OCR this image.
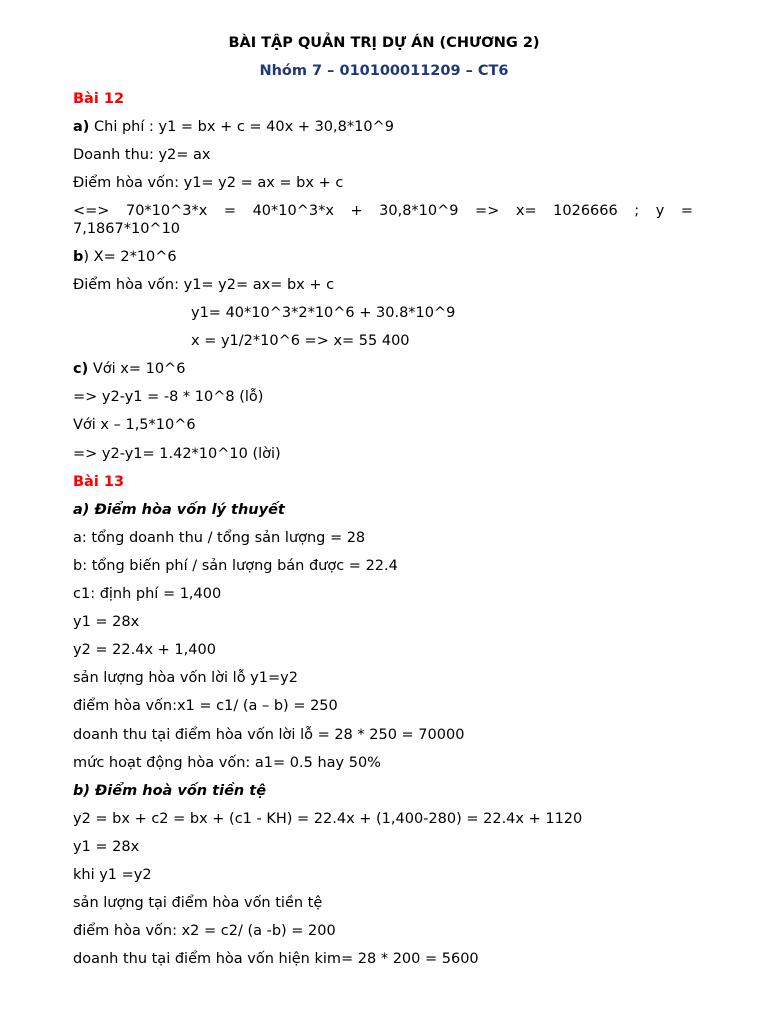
BÀI TẬP QUẢN TRỊ DỰ ÁN (CHƯƠNG 2)
Nhóm 7 – 010100011209 – CT6
Bài 12
a) Chi phí : y1 = bx + c = 40x + 30,8*10^9
Doanh thu: y2= ax
Điểm hòa vốn: y1= y2 = ax = bx + c
<=> 70*10^3*x = 40*10^3*x + 30,8*10^9 => x= 1026666 ; y =
7,1867*10^10
b) X= 2*10^6
Điểm hòa vốn: y1= y2= ax= bx + c
y1= 40*10^3*2*10^6 + 30.8*10^9
x = y1/2*10^6 => x= 55 400
c) Với x= 10^6
=> y2-y1 = -8 * 10^8 (lỗ)
Với x – 1,5*10^6
=> y2-y1= 1.42*10^10 (lời)
Bài 13
a) Điểm hòa vốn lý thuyết
a: tổng doanh thu / tổng sản lượng = 28
b: tổng biến phí / sản lượng bán được = 22.4
c1: định phí = 1,400
y1 = 28x
y2 = 22.4x + 1,400
sản lượng hòa vốn lời lỗ y1=y2
điểm hòa vốn:x1 = c1/ (a – b) = 250
doanh thu tại điểm hòa vốn lời lỗ = 28 * 250 = 70000
mức hoạt động hòa vốn: a1= 0.5 hay 50%
b) Điểm hoà vốn tiền tệ
y2 = bx + c2 = bx + (c1 - KH) = 22.4x + (1,400-280) = 22.4x + 1120
y1 = 28x
khi y1 =y2
sản lượng tại điểm hòa vốn tiền tệ
điểm hòa vốn: x2 = c2/ (a -b) = 200
doanh thu tại điểm hòa vốn hiện kim= 28 * 200 = 5600
